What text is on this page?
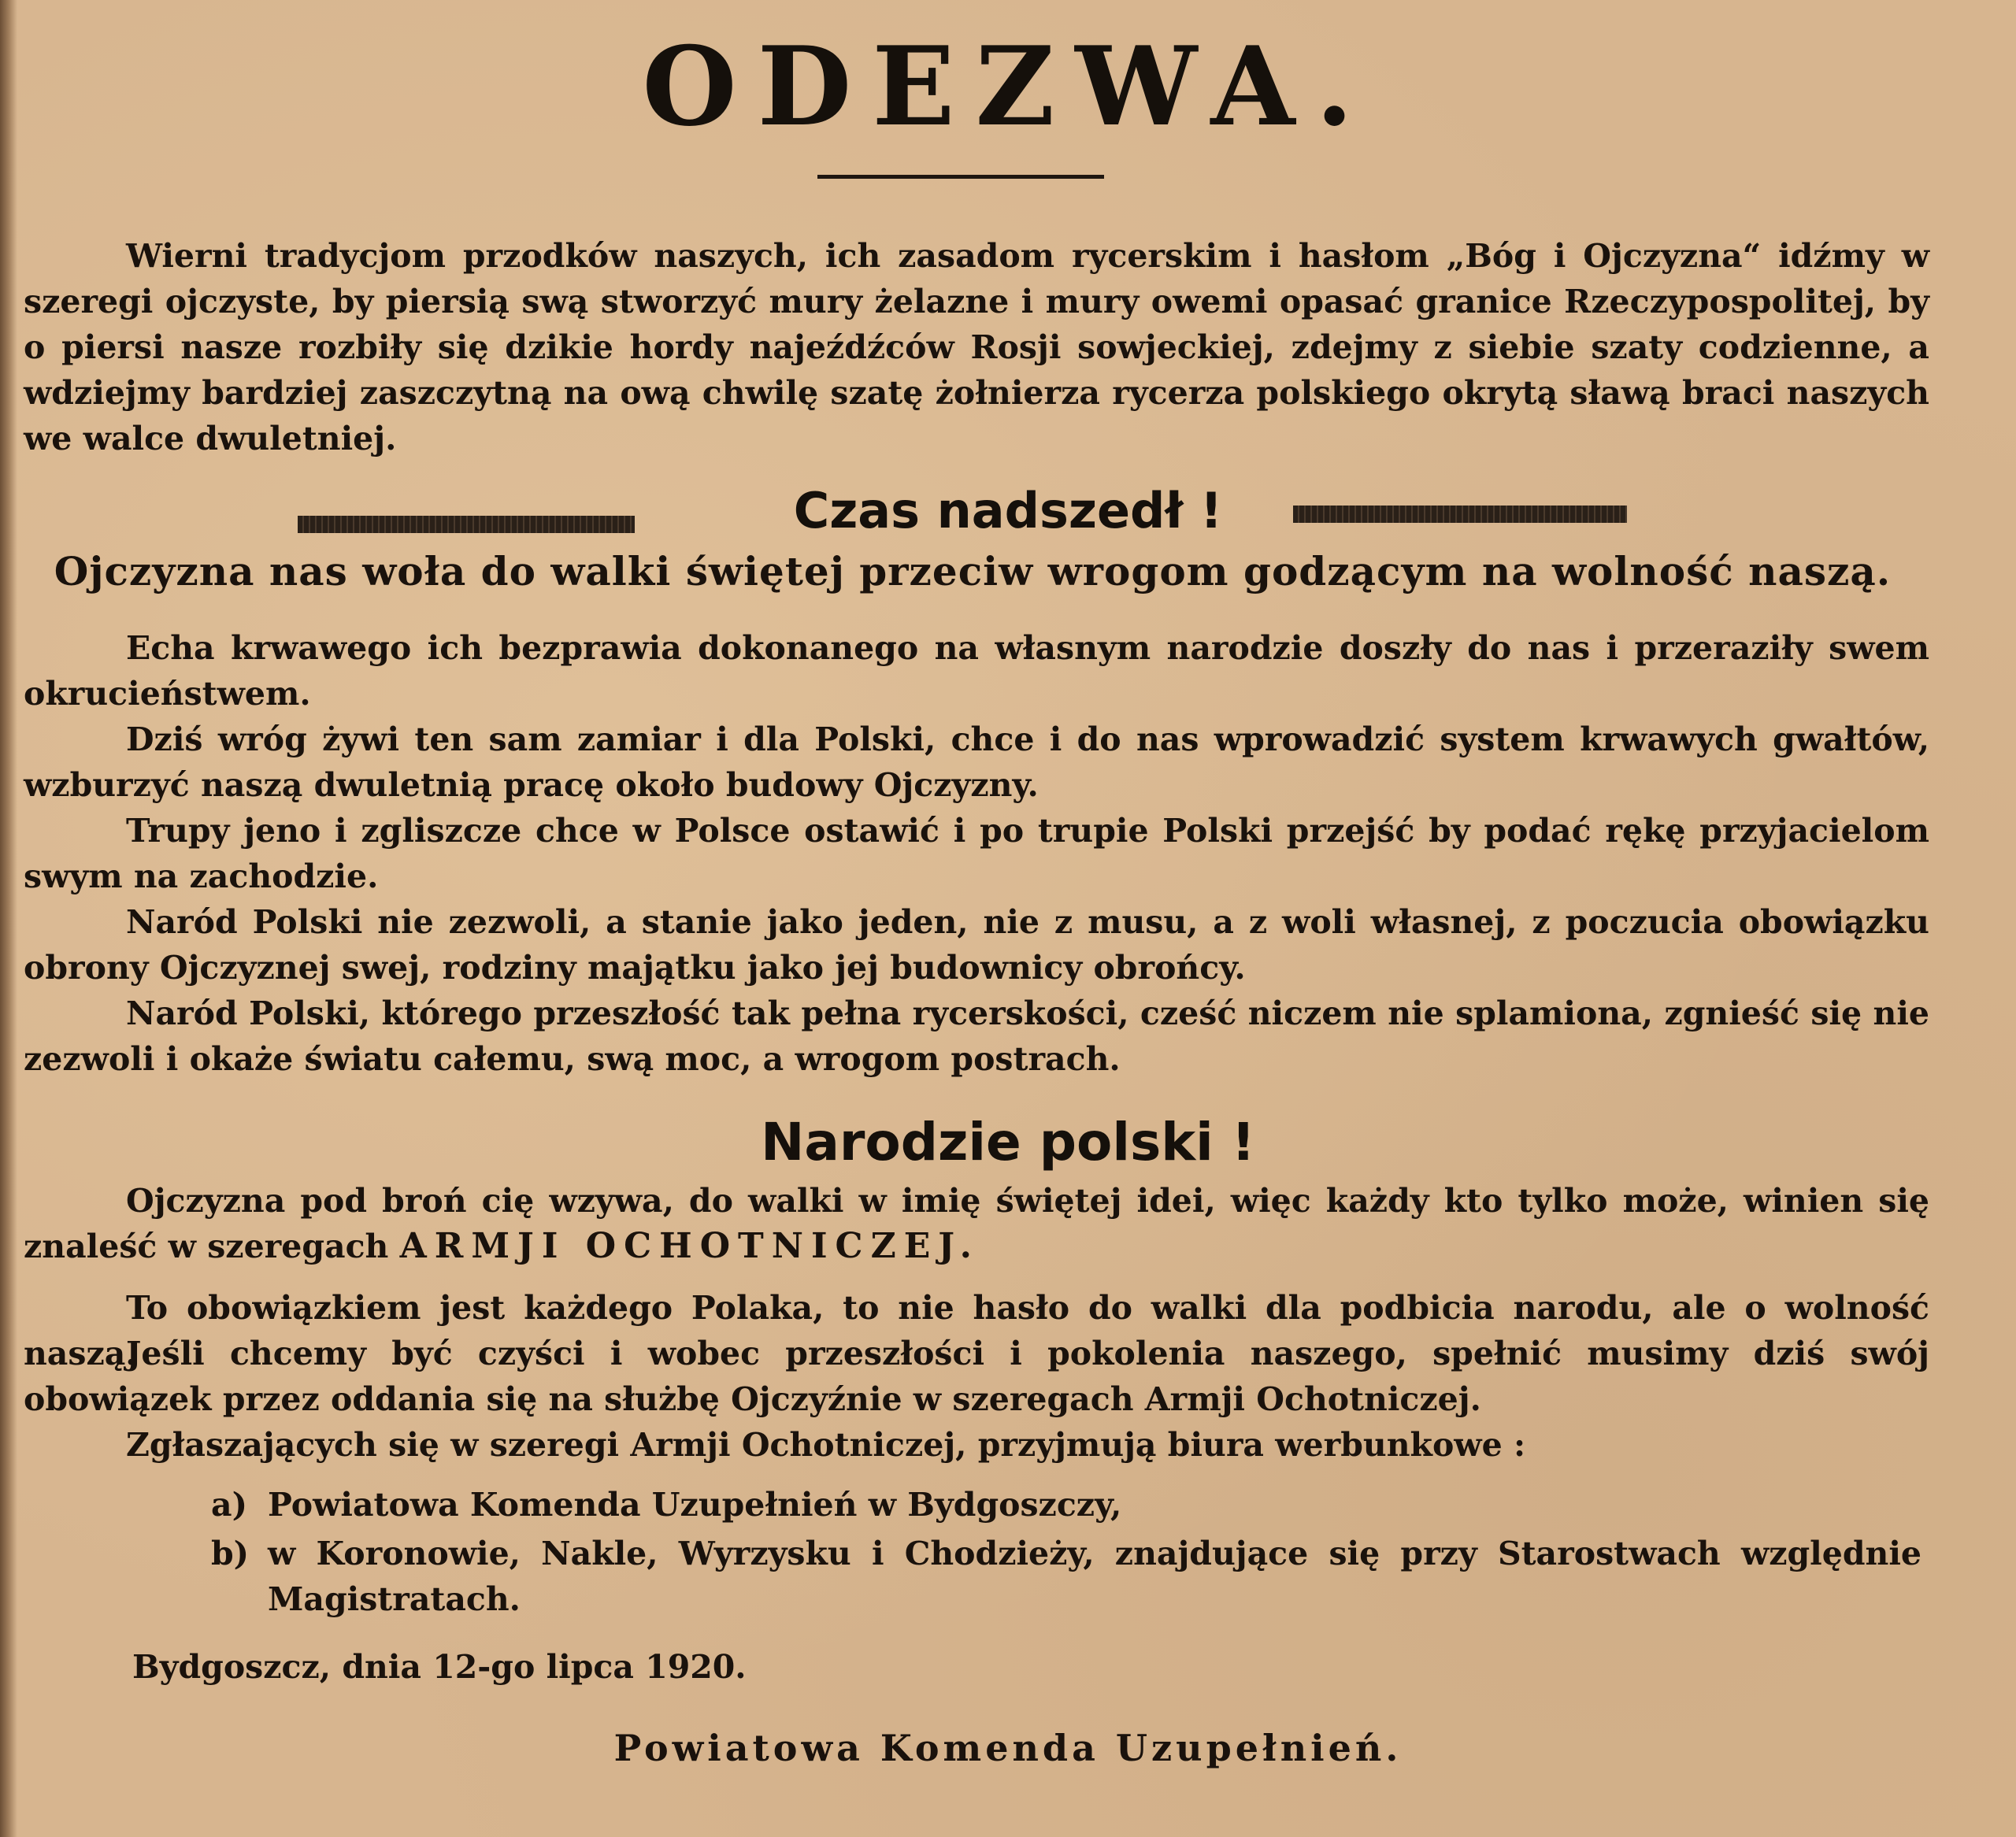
ODEZWA.
Wierni tradycjom przodków naszych, ich zasadom rycerskim i hasłom „Bóg i Ojczyzna“ idźmy w szeregi ojczyste, by piersią swą stworzyć mury żelazne i mury owemi opasać granice Rzeczypospolitej, by o piersi nasze rozbiły się dzikie hordy najeźdźców Rosji sowjeckiej, zdejmy z siebie szaty codzienne, a wdziejmy bardziej zaszczytną na ową chwilę szatę żołnierza rycerza polskiego okrytą sławą braci naszych we walce dwuletniej.
Czas nadszedł !
Ojczyzna nas woła do walki świętej przeciw wrogom godzącym na wolność naszą.
Echa krwawego ich bezprawia dokonanego na własnym narodzie doszły do nas i przeraziły swem okrucieństwem.
Dziś wróg żywi ten sam zamiar i dla Polski, chce i do nas wprowadzić system krwawych gwałtów, wzburzyć naszą dwuletnią pracę około budowy Ojczyzny.
Trupy jeno i zgliszcze chce w Polsce ostawić i po trupie Polski przejść by podać rękę przyjacielom swym na zachodzie.
Naród Polski nie zezwoli, a stanie jako jeden, nie z musu, a z woli własnej, z poczucia obowiązku obrony Ojczyznej swej, rodziny majątku jako jej budownicy obrońcy.
Naród Polski, którego przeszłość tak pełna rycerskości, cześć niczem nie splamiona, zgnieść się nie zezwoli i okaże światu całemu, swą moc, a wrogom postrach.
Narodzie polski !
Ojczyzna pod broń cię wzywa, do walki w imię świętej idei, więc każdy kto tylko może, winien się znaleść w szeregach ARMJI OCHOTNICZEJ.
To obowiązkiem jest każdego Polaka, to nie hasło do walki dla podbicia narodu, ale o wolność naszą.
Jeśli chcemy być czyści i wobec przeszłości i pokolenia naszego, spełnić musimy dziś swój obowiązek przez oddania się na służbę Ojczyźnie w szeregach Armji Ochotniczej.
Zgłaszających się w szeregi Armji Ochotniczej, przyjmują biura werbunkowe :
a) Powiatowa Komenda Uzupełnień w Bydgoszczy,
b) w Koronowie, Nakle, Wyrzysku i Chodzieży, znajdujące się przy Starostwach względnie Magistratach.
Bydgoszcz, dnia 12-go lipca 1920.
Powiatowa Komenda Uzupełnień.
